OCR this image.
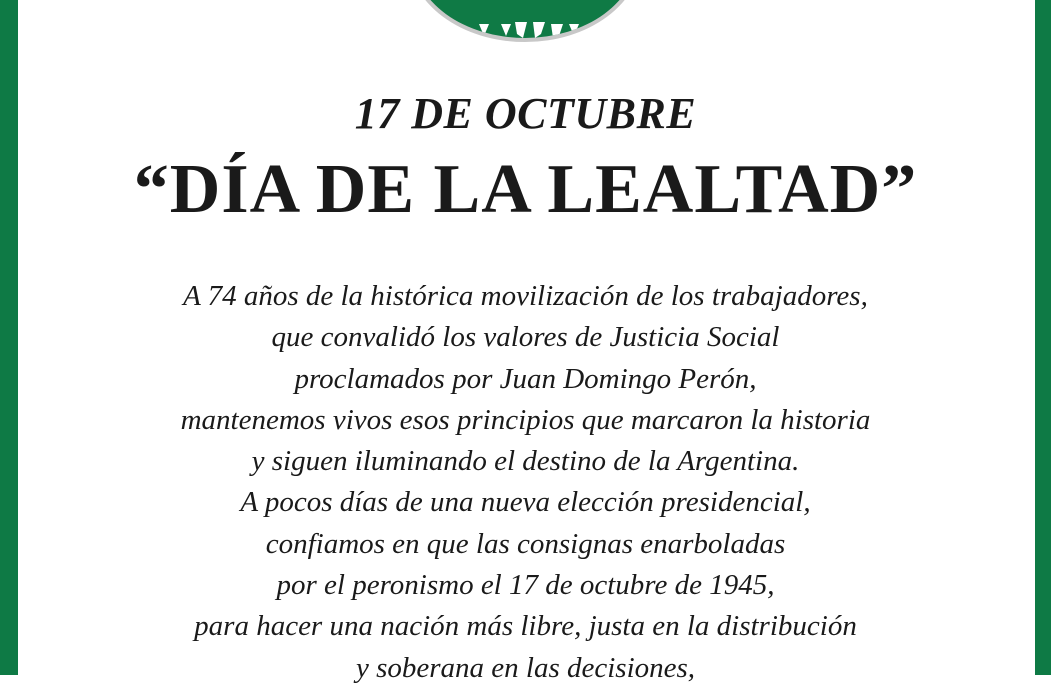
17 DE OCTUBRE
“DÍA DE LA LEALTAD”
A 74 años de la histórica movilización de los trabajadores,
que convalidó los valores de Justicia Social
proclamados por Juan Domingo Perón,
mantenemos vivos esos principios que marcaron la historia
y siguen iluminando el destino de la Argentina.
A pocos días de una nueva elección presidencial,
confiamos en que las consignas enarboladas
por el peronismo el 17 de octubre de 1945,
para hacer una nación más libre, justa en la distribución
y soberana en las decisiones,
